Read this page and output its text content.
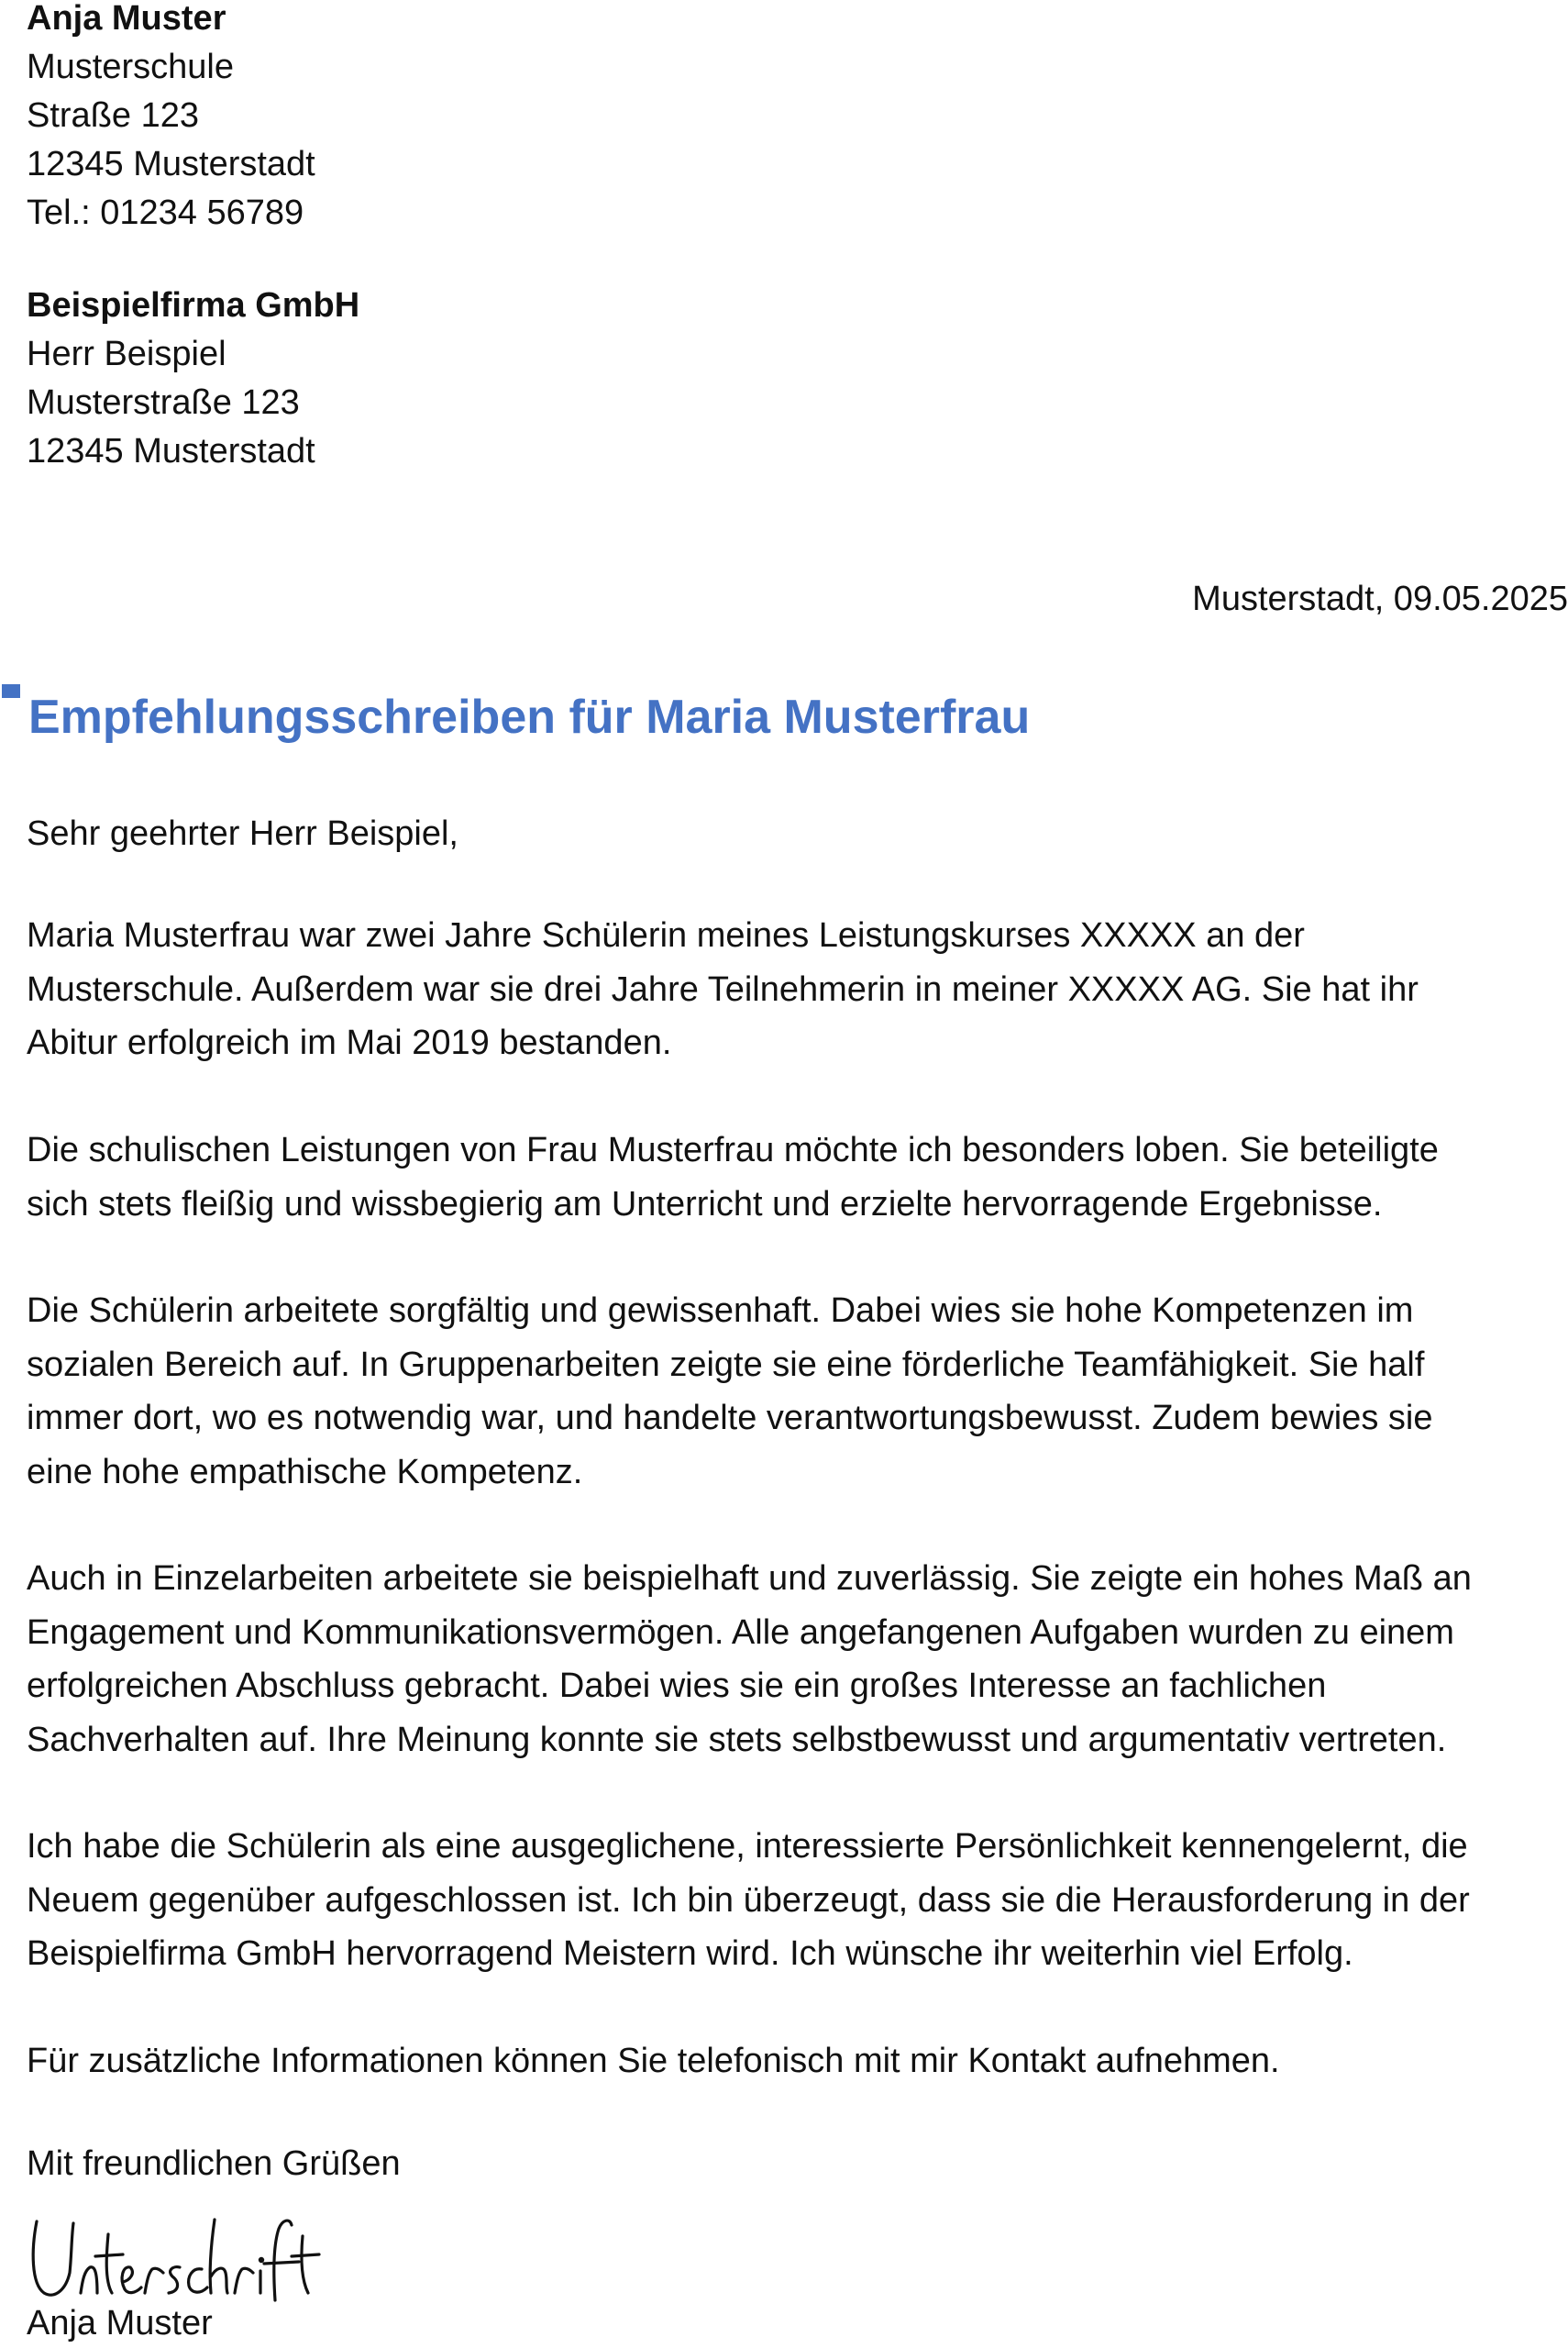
Anja Muster
Musterschule
Straße 123
12345 Musterstadt
Tel.: 01234 56789
Beispielfirma GmbH
Herr Beispiel
Musterstraße 123
12345 Musterstadt
Musterstadt, 09.05.2025
Empfehlungsschreiben für Maria Musterfrau
Sehr geehrter Herr Beispiel,
Maria Musterfrau war zwei Jahre Schülerin meines Leistungskurses XXXXX an der
Musterschule. Außerdem war sie drei Jahre Teilnehmerin in meiner XXXXX AG. Sie hat ihr
Abitur erfolgreich im Mai 2019 bestanden.
Die schulischen Leistungen von Frau Musterfrau möchte ich besonders loben. Sie beteiligte
sich stets fleißig und wissbegierig am Unterricht und erzielte hervorragende Ergebnisse.
Die Schülerin arbeitete sorgfältig und gewissenhaft. Dabei wies sie hohe Kompetenzen im
sozialen Bereich auf. In Gruppenarbeiten zeigte sie eine förderliche Teamfähigkeit. Sie half
immer dort, wo es notwendig war, und handelte verantwortungsbewusst. Zudem bewies sie
eine hohe empathische Kompetenz.
Auch in Einzelarbeiten arbeitete sie beispielhaft und zuverlässig. Sie zeigte ein hohes Maß an
Engagement und Kommunikationsvermögen. Alle angefangenen Aufgaben wurden zu einem
erfolgreichen Abschluss gebracht. Dabei wies sie ein großes Interesse an fachlichen
Sachverhalten auf. Ihre Meinung konnte sie stets selbstbewusst und argumentativ vertreten.
Ich habe die Schülerin als eine ausgeglichene, interessierte Persönlichkeit kennengelernt, die
Neuem gegenüber aufgeschlossen ist. Ich bin überzeugt, dass sie die Herausforderung in der
Beispielfirma GmbH hervorragend Meistern wird. Ich wünsche ihr weiterhin viel Erfolg.
Für zusätzliche Informationen können Sie telefonisch mit mir Kontakt aufnehmen.
Mit freundlichen Grüßen
Anja Muster
